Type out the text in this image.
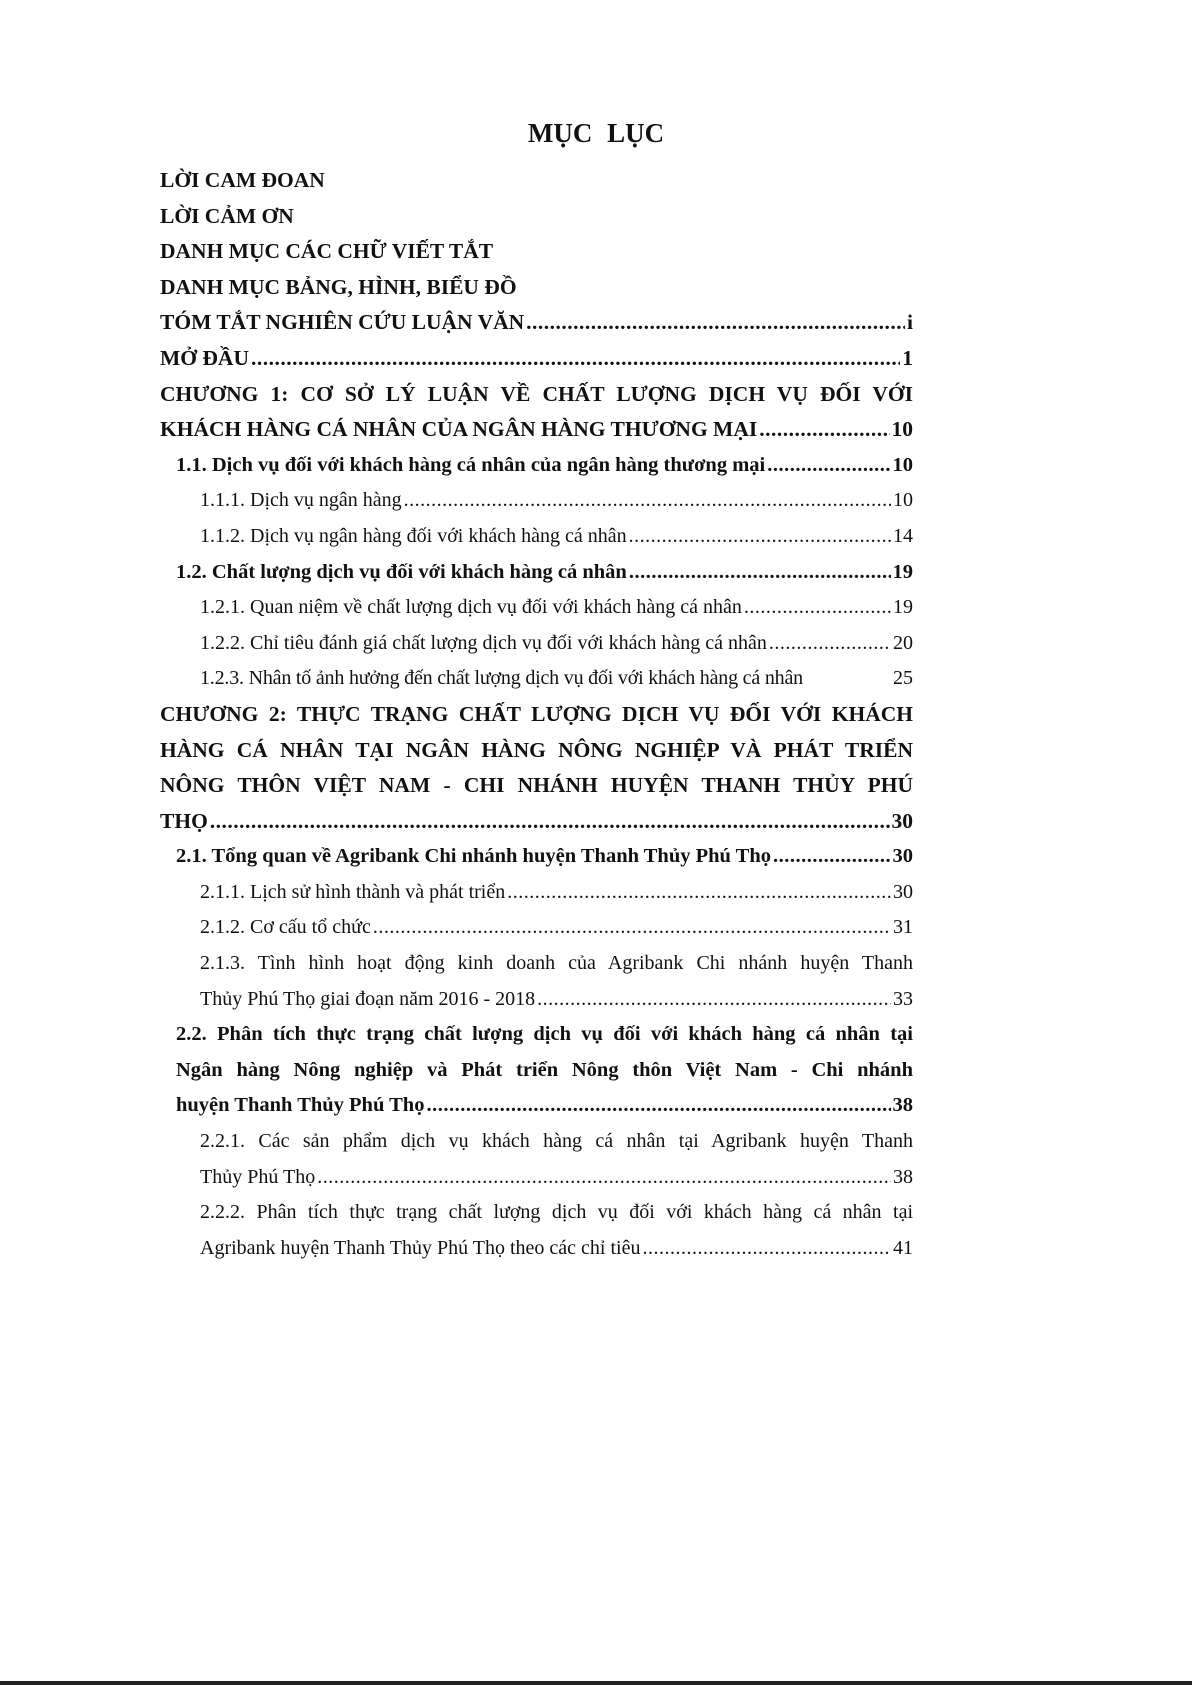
MỤC LỤC
LỜI CAM ĐOAN
LỜI CẢM ƠN
DANH MỤC CÁC CHỮ VIẾT TẮT
DANH MỤC BẢNG, HÌNH, BIỂU ĐỒ
TÓM TẮT NGHIÊN CỨU LUẬN VĂN .....	i
MỞ ĐẦU .....	1
CHƯƠNG 1: CƠ SỞ LÝ LUẬN VỀ CHẤT LƯỢNG DỊCH VỤ ĐỐI VỚI
KHÁCH HÀNG CÁ NHÂN CỦA NGÂN HÀNG THƯƠNG MẠI .....	10
1.1. Dịch vụ đối với khách hàng cá nhân của ngân hàng thương mại .....	10
1.1.1. Dịch vụ ngân hàng .....	10
1.1.2. Dịch vụ ngân hàng đối với khách hàng cá nhân .....	14
1.2. Chất lượng dịch vụ đối với khách hàng cá nhân .....	19
1.2.1. Quan niệm về chất lượng dịch vụ đối với khách hàng cá nhân .....	19
1.2.2. Chỉ tiêu đánh giá chất lượng dịch vụ đối với khách hàng cá nhân .....	20
1.2.3. Nhân tố ảnh hưởng đến chất lượng dịch vụ đối với khách hàng cá nhân	25
CHƯƠNG 2: THỰC TRẠNG CHẤT LƯỢNG DỊCH VỤ ĐỐI VỚI KHÁCH
HÀNG CÁ NHÂN TẠI NGÂN HÀNG NÔNG NGHIỆP VÀ PHÁT TRIỂN
NÔNG THÔN VIỆT NAM - CHI NHÁNH HUYỆN THANH THỦY PHÚ
THỌ .....	30
2.1. Tổng quan về Agribank Chi nhánh huyện Thanh Thủy Phú Thọ .....	30
2.1.1. Lịch sử hình thành và phát triển .....	30
2.1.2. Cơ cấu tổ chức .....	31
2.1.3. Tình hình hoạt động kinh doanh của Agribank Chi nhánh huyện Thanh
Thủy Phú Thọ giai đoạn năm 2016 - 2018 .....	33
2.2. Phân tích thực trạng chất lượng dịch vụ đối với khách hàng cá nhân tại
Ngân hàng Nông nghiệp và Phát triển Nông thôn Việt Nam - Chi nhánh
huyện Thanh Thủy Phú Thọ .....	38
2.2.1. Các sản phẩm dịch vụ khách hàng cá nhân tại Agribank huyện Thanh
Thủy Phú Thọ .....	38
2.2.2. Phân tích thực trạng chất lượng dịch vụ đối với khách hàng cá nhân tại
Agribank huyện Thanh Thủy Phú Thọ theo các chỉ tiêu .....	41
